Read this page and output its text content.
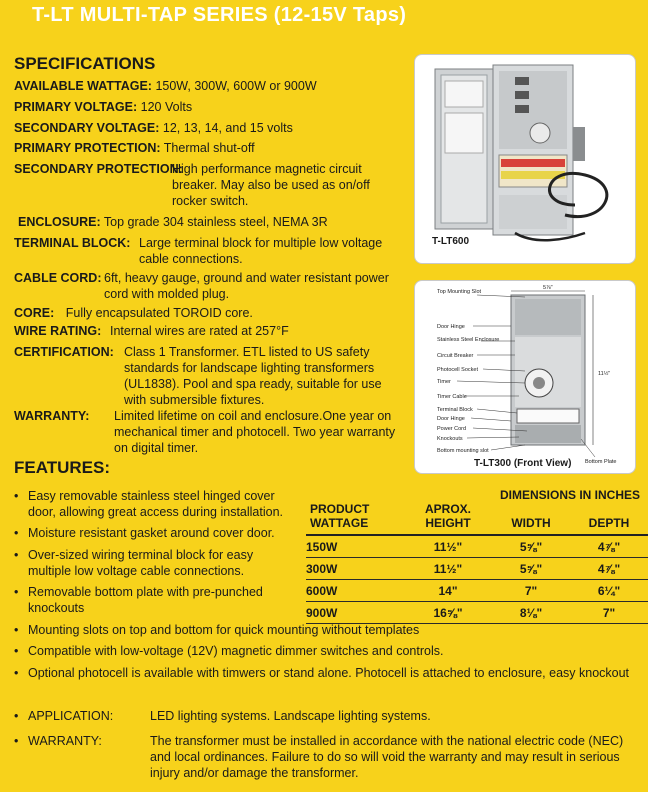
T-LT MULTI-TAP SERIES (12-15V Taps)
SPECIFICATIONS
AVAILABLE WATTAGE: 150W, 300W, 600W or 900W
PRIMARY VOLTAGE: 120 Volts
SECONDARY VOLTAGE: 12, 13, 14, and 15 volts
PRIMARY PROTECTION: Thermal shut-off
SECONDARY PROTECTION:
High performance magnetic circuit breaker. May also be used as on/off rocker switch.
ENCLOSURE: Top grade 304 stainless steel, NEMA 3R
TERMINAL BLOCK: Large terminal block for multiple low voltage cable connections.
CABLE CORD: 6ft, heavy gauge, ground and water resistant power cord with molded plug.
CORE: Fully encapsulated TOROID core.
WIRE RATING: Internal wires are rated at 257°F
CERTIFICATION: Class 1 Transformer. ETL listed to US safety standards for landscape lighting transformers (UL1838). Pool and spa ready, suitable for use with submersible fixtures.
WARRANTY:	Limited lifetime on coil and enclosure.One year on mechanical timer and photocell. Two year warranty on digital timer.
T-LT600
Top Mounting Slot
Door Hinge
Stainless Steel Enclosure
Circuit Breaker
Photocell Socket
Timer
Timer Cable
Terminal Block
Door Hinge
Power Cord
Knockouts
Bottom mounting slot
Bottom Plate
5⅞"
11½"
T-LT300 (Front View)
FEATURES:
• Easy removable stainless steel hinged cover door, allowing great access during installation.
• Moisture resistant gasket around cover door.
• Over-sized wiring terminal block for easy multiple low voltage cable connections.
• Removable bottom plate with pre-punched knockouts
• Mounting slots on top and bottom for quick mounting without templates
• Compatible with low-voltage (12V) magnetic dimmer switches and controls.
• Optional photocell is available with timwers or stand alone. Photocell is attached to enclosure, easy knockout
• APPLICATION:	LED lighting systems. Landscape lighting systems.
• WARRANTY:	The transformer must be installed in accordance with the national electric code (NEC) and local ordinances. Failure to do so will void the warranty and may result in serious injury and/or damage the transformer.
		DIMENSIONS IN INCHES	
PRODUCT WATTAGE	APROX. HEIGHT	WIDTH	DEPTH
150W	11½"	5⅝"	4⅞"
300W	11½"	5⅝"	4⅞"
600W	14"	7"	6¼"
900W	16⅝"	8⅛"	7"
